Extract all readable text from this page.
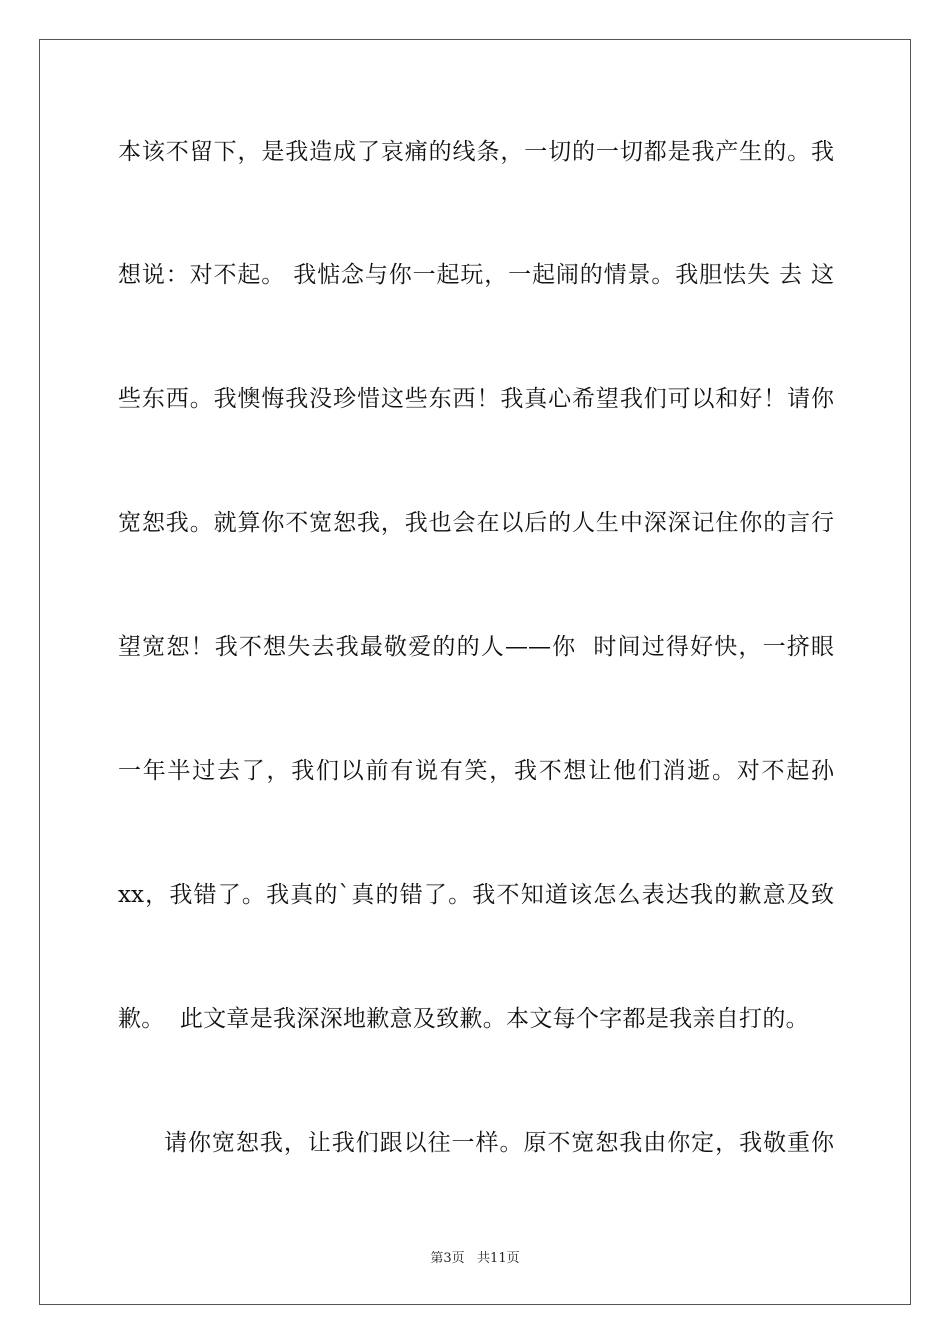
本该不留下，是我造成了哀痛的线条，一切的一切都是我产生的。我
想说：对不起。 我惦念与你一起玩，一起闹的情景。我胆怯失 去 这
些东西。我懊悔我没珍惜这些东西！我真心希望我们可以和好！请你
宽恕我。就算你不宽恕我，我也会在以后的人生中深深记住你的言行
望宽恕！我不想失去我最敬爱的的人——你  时间过得好快，一挤眼
一年半过去了，我们以前有说有笑，我不想让他们消逝。对不起孙
xx，我错了。我真的`真的错了。我不知道该怎么表达我的歉意及致
歉。  此文章是我深深地歉意及致歉。本文每个字都是我亲自打的。
请你宽恕我，让我们跟以往一样。原不宽恕我由你定，我敬重你
第3页   共11页
